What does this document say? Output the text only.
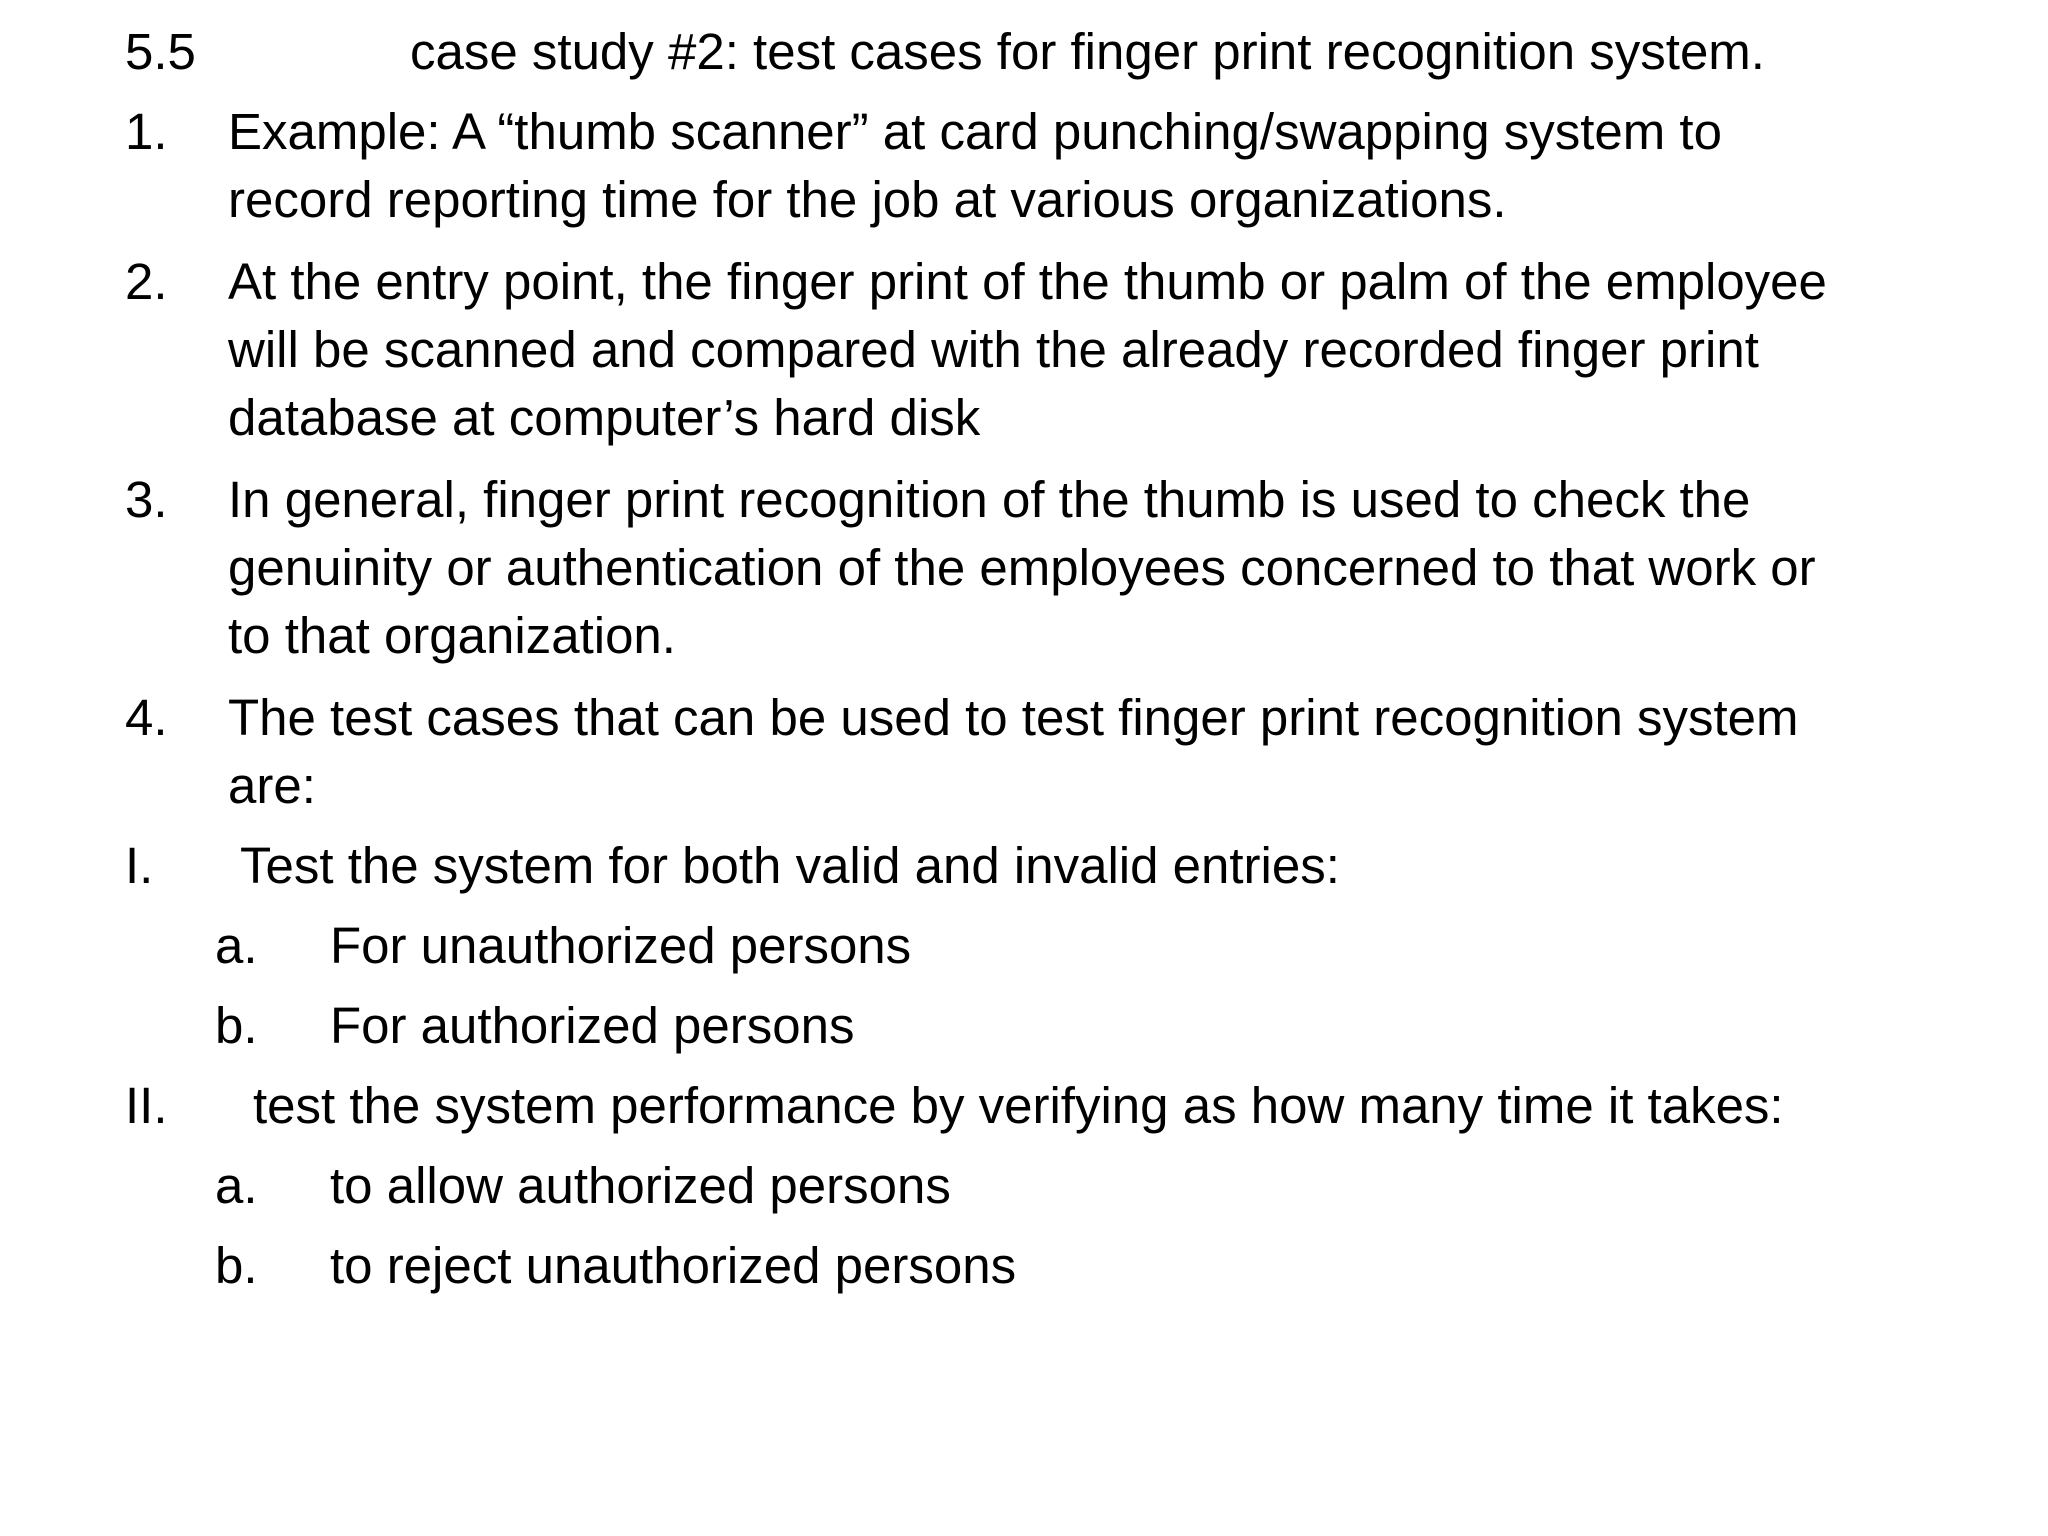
5.5	case study #2: test cases for finger print recognition system.
1. Example: A “thumb scanner” at card punching/swapping system to
record reporting time for the job at various organizations.
2. At the entry point, the finger print of the thumb or palm of the employee
will be scanned and compared with the already recorded finger print
database at computer’s hard disk
3. In general, finger print recognition of the thumb is used to check the
genuinity or authentication of the employees concerned to that work or
to that organization.
4. The test cases that can be used to test finger print recognition system
are:
I. Test the system for both valid and invalid entries:
a. For unauthorized persons
b. For authorized persons
II. test the system performance by verifying as how many time it takes:
a. to allow authorized persons
b. to reject unauthorized persons
